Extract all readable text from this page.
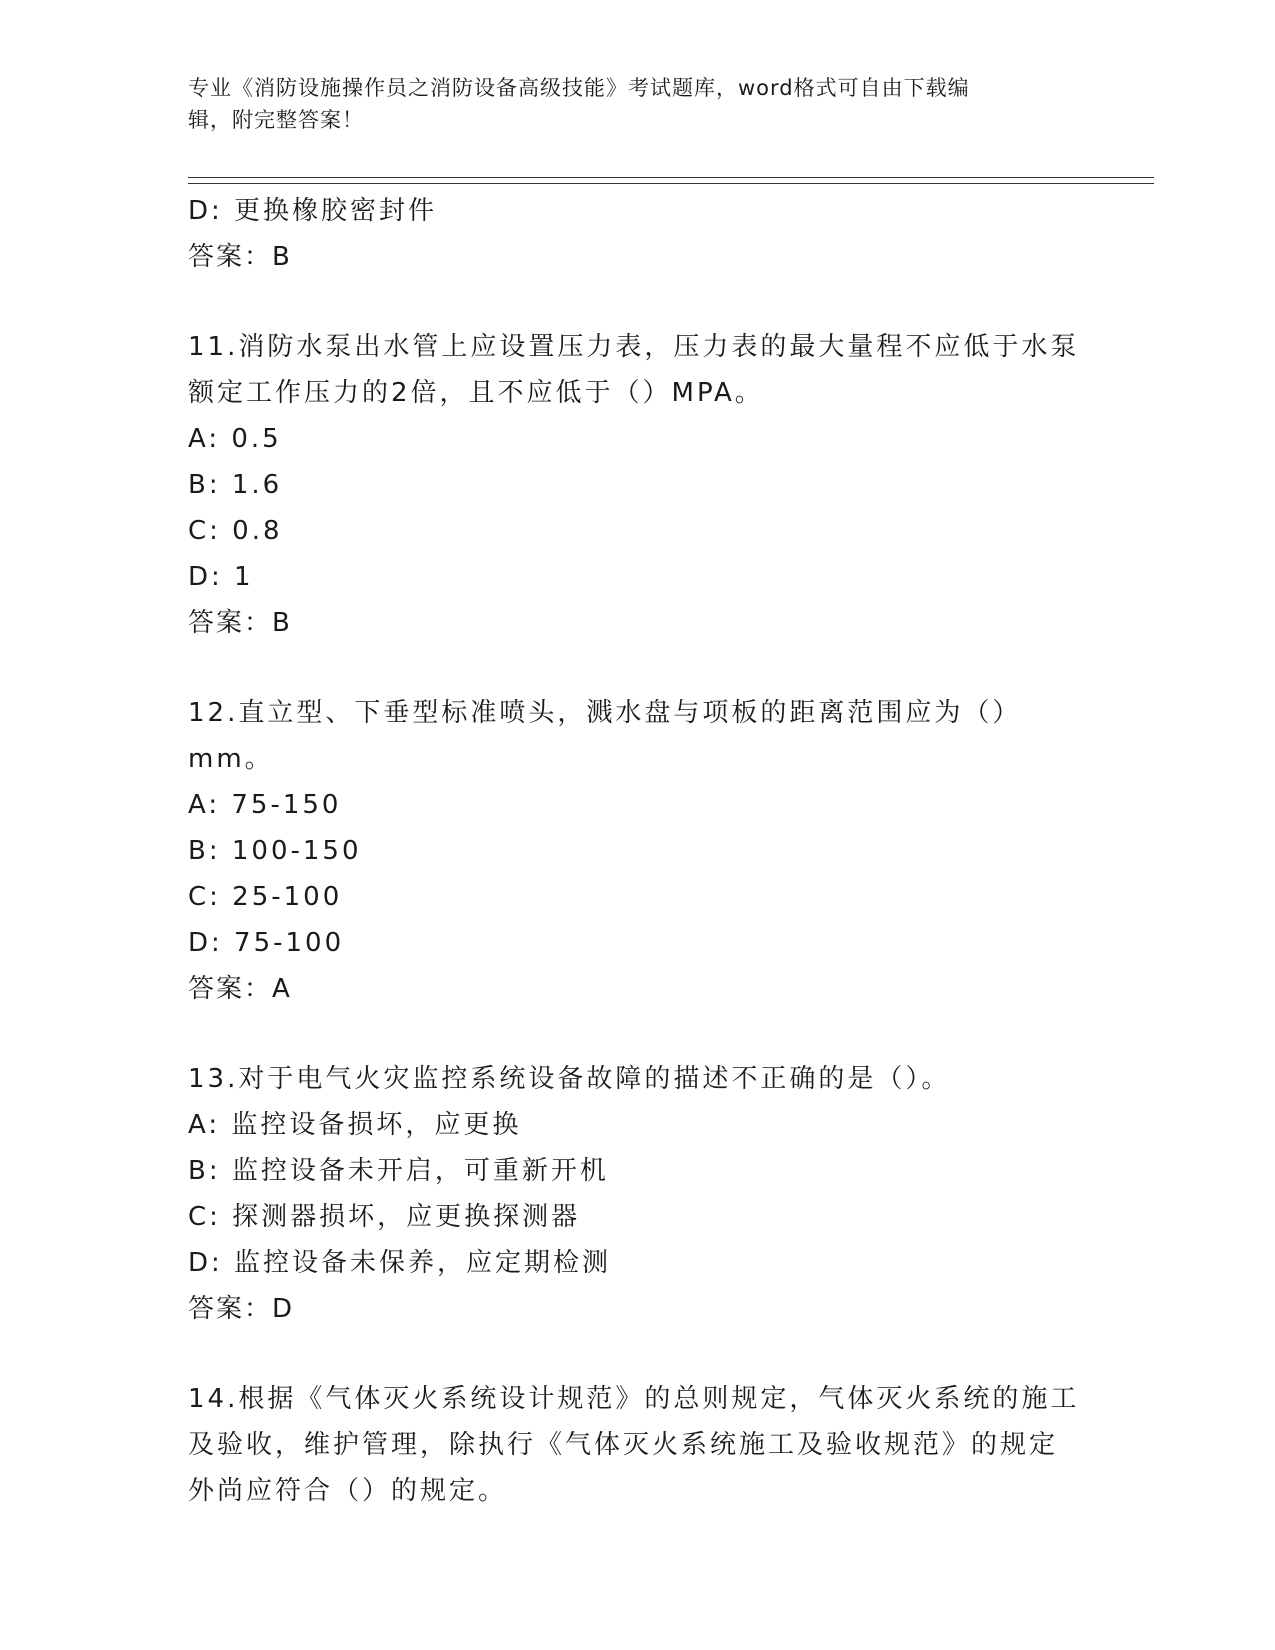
专业《消防设施操作员之消防设备高级技能》考试题库，word格式可自由下载编
辑，附完整答案！
D: 更换橡胶密封件
答案：B
11.消防水泵出水管上应设置压力表，压力表的最大量程不应低于水泵
额定工作压力的2倍，且不应低于（）MPA。
A: 0.5
B: 1.6
C: 0.8
D: 1
答案：B
12.直立型、下垂型标准喷头，溅水盘与项板的距离范围应为（）mm。
A: 75-150
B: 100-150
C: 25-100
D: 75-100
答案：A
13.对于电气火灾监控系统设备故障的描述不正确的是（）。
A: 监控设备损坏，应更换
B: 监控设备未开启，可重新开机
C: 探测器损坏，应更换探测器
D: 监控设备未保养，应定期检测
答案：D
14.根据《气体灭火系统设计规范》的总则规定，气体灭火系统的施工
及验收，维护管理，除执行《气体灭火系统施工及验收规范》的规定
外尚应符合（）的规定。
